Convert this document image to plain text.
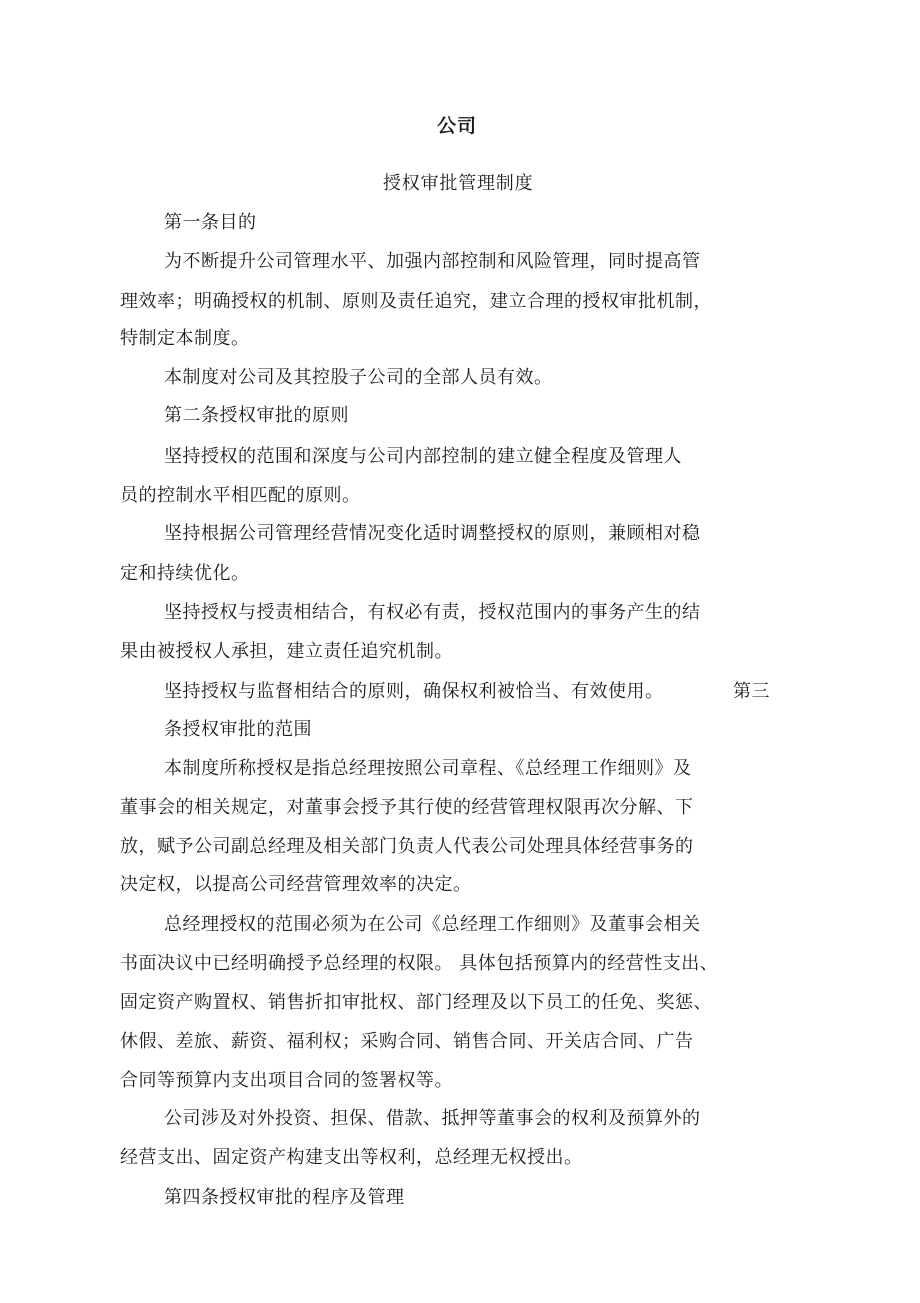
公司
授权审批管理制度
第一条目的
为不断提升公司管理水平、加强内部控制和风险管理，同时提高管
理效率；明确授权的机制、原则及责任追究，建立合理的授权审批机制，
特制定本制度。
本制度对公司及其控股子公司的全部人员有效。
第二条授权审批的原则
坚持授权的范围和深度与公司内部控制的建立健全程度及管理人
员的控制水平相匹配的原则。
坚持根据公司管理经营情况变化适时调整授权的原则，兼顾相对稳
定和持续优化。
坚持授权与授责相结合，有权必有责，授权范围内的事务产生的结
果由被授权人承担，建立责任追究机制。
坚持授权与监督相结合的原则，确保权利被恰当、有效使用。	第三
条授权审批的范围
本制度所称授权是指总经理按照公司章程、《总经理工作细则》及
董事会的相关规定，对董事会授予其行使的经营管理权限再次分解、下
放，赋予公司副总经理及相关部门负责人代表公司处理具体经营事务的
决定权，以提高公司经营管理效率的决定。
总经理授权的范围必须为在公司《总经理工作细则》及董事会相关
书面决议中已经明确授予总经理的权限。 具体包括预算内的经营性支出、
固定资产购置权、销售折扣审批权、部门经理及以下员工的任免、奖惩、
休假、差旅、薪资、福利权；采购合同、销售合同、开关店合同、广告
合同等预算内支出项目合同的签署权等。
公司涉及对外投资、担保、借款、抵押等董事会的权利及预算外的
经营支出、固定资产构建支出等权利，总经理无权授出。
第四条授权审批的程序及管理
